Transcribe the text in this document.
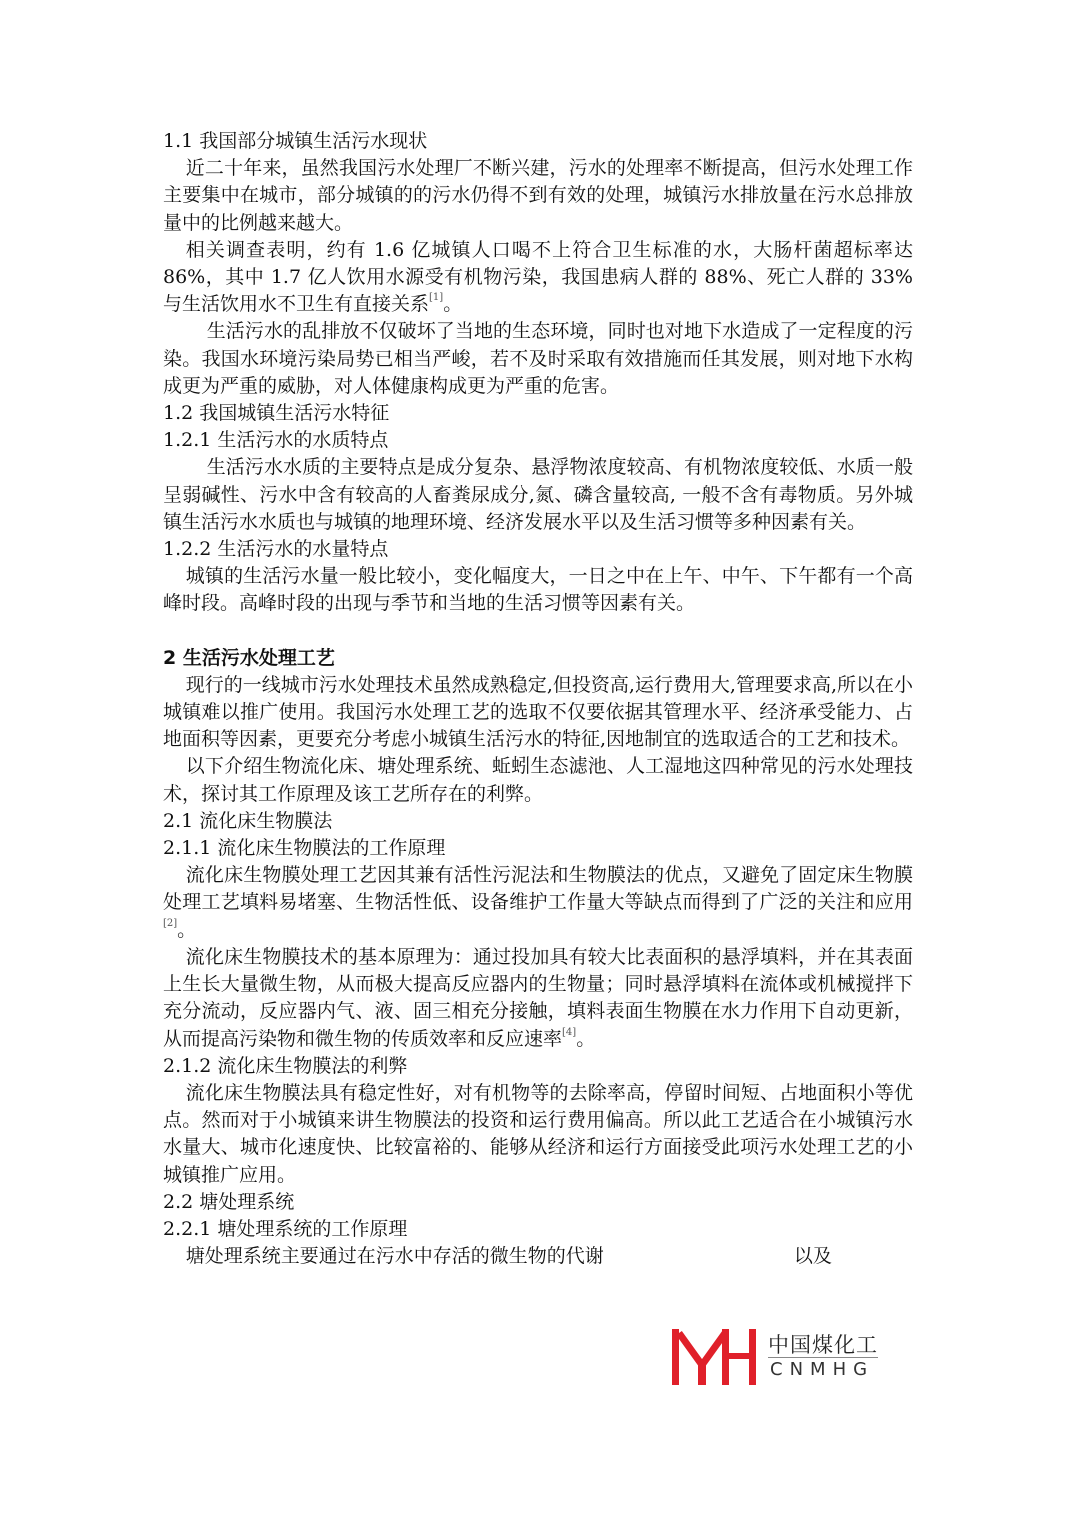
1.1 我国部分城镇生活污水现状

近二十年来，虽然我国污水处理厂不断兴建，污水的处理率不断提高，但污水处理工作主要集中在城市，部分城镇的的污水仍得不到有效的处理，城镇污水排放量在污水总排放量中的比例越来越大。

相关调查表明，约有 1.6 亿城镇人口喝不上符合卫生标准的水，大肠杆菌超标率达 86%，其中 1.7 亿人饮用水源受有机物污染，我国患病人群的 88%、死亡人群的 33%与生活饮用水不卫生有直接关系[1]。

生活污水的乱排放不仅破坏了当地的生态环境，同时也对地下水造成了一定程度的污染。我国水环境污染局势已相当严峻，若不及时采取有效措施而任其发展，则对地下水构成更为严重的威胁，对人体健康构成更为严重的危害。

1.2 我国城镇生活污水特征

1.2.1 生活污水的水质特点

生活污水水质的主要特点是成分复杂、悬浮物浓度较高、有机物浓度较低、水质一般呈弱碱性、污水中含有较高的人畜粪尿成分,氮、磷含量较高, 一般不含有毒物质。另外城镇生活污水水质也与城镇的地理环境、经济发展水平以及生活习惯等多种因素有关。

1.2.2 生活污水的水量特点

城镇的生活污水量一般比较小，变化幅度大，一日之中在上午、中午、下午都有一个高峰时段。高峰时段的出现与季节和当地的生活习惯等因素有关。

2 生活污水处理工艺

现行的一线城市污水处理技术虽然成熟稳定,但投资高,运行费用大,管理要求高,所以在小城镇难以推广使用。我国污水处理工艺的选取不仅要依据其管理水平、经济承受能力、占地面积等因素，更要充分考虑小城镇生活污水的特征,因地制宜的选取适合的工艺和技术。

以下介绍生物流化床、塘处理系统、蚯蚓生态滤池、人工湿地这四种常见的污水处理技术，探讨其工作原理及该工艺所存在的利弊。

2.1 流化床生物膜法

2.1.1 流化床生物膜法的工作原理

流化床生物膜处理工艺因其兼有活性污泥法和生物膜法的优点，又避免了固定床生物膜处理工艺填料易堵塞、生物活性低、设备维护工作量大等缺点而得到了广泛的关注和应用[2]。

流化床生物膜技术的基本原理为：通过投加具有较大比表面积的悬浮填料，并在其表面上生长大量微生物，从而极大提高反应器内的生物量；同时悬浮填料在流体或机械搅拌下充分流动，反应器内气、液、固三相充分接触，填料表面生物膜在水力作用下自动更新，从而提高污染物和微生物的传质效率和反应速率[4]。

2.1.2 流化床生物膜法的利弊

流化床生物膜法具有稳定性好，对有机物等的去除率高，停留时间短、占地面积小等优点。然而对于小城镇来讲生物膜法的投资和运行费用偏高。所以此工艺适合在小城镇污水水量大、城市化速度快、比较富裕的、能够从经济和运行方面接受此项污水处理工艺的小城镇推广应用。

2.2 塘处理系统

2.2.1 塘处理系统的工作原理

塘处理系统主要通过在污水中存活的微生物的代谢	以及

中国煤化工
CNMHG
